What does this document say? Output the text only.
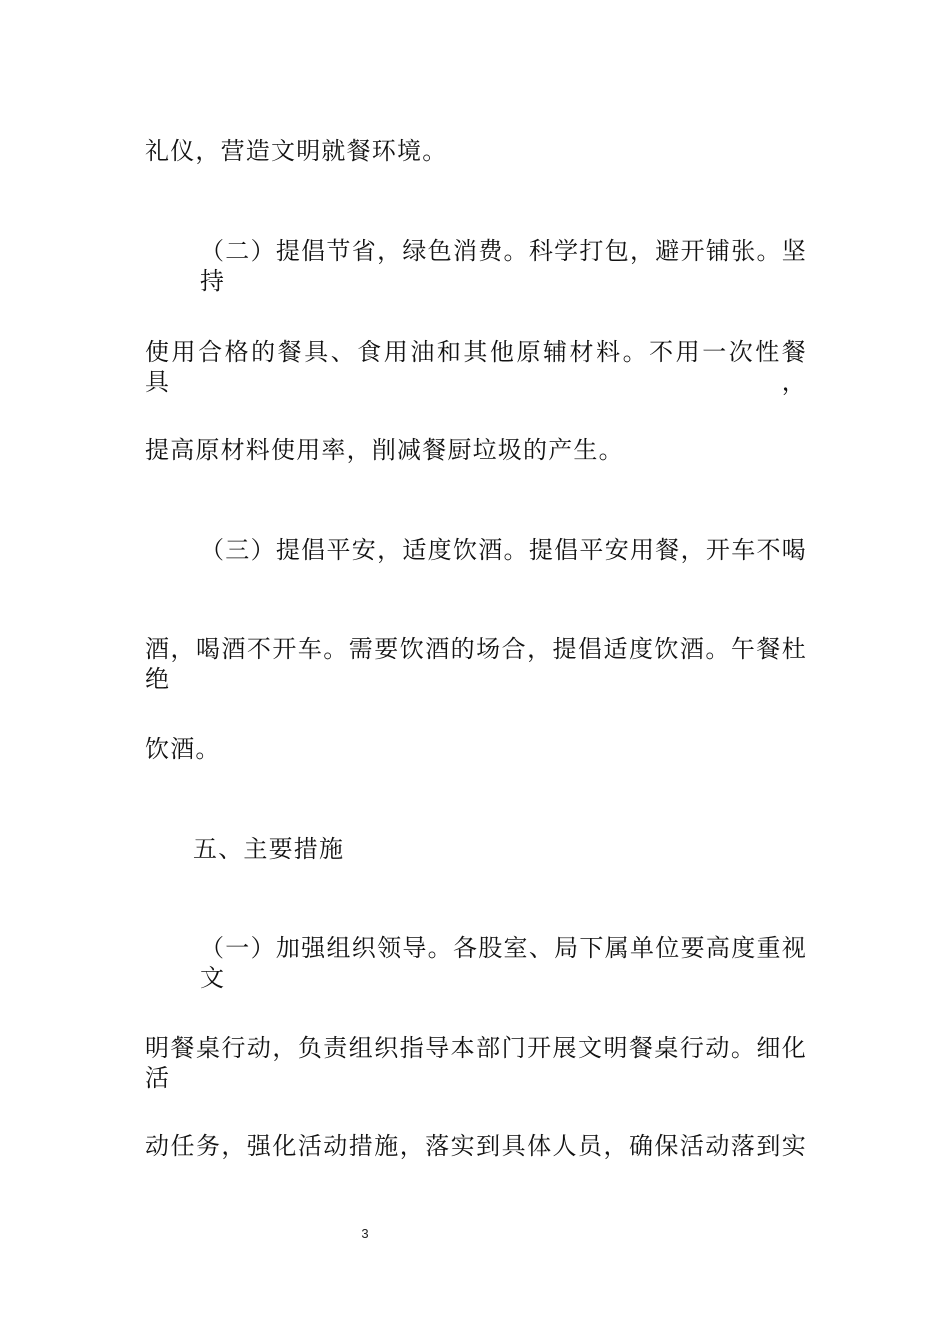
礼仪，营造文明就餐环境。
（二）提倡节省，绿色消费。科学打包，避开铺张。坚持
使用合格的餐具、食用油和其他原辅材料。不用一次性餐具，
提高原材料使用率，削减餐厨垃圾的产生。
（三）提倡平安，适度饮酒。提倡平安用餐，开车不喝
酒，喝酒不开车。需要饮酒的场合，提倡适度饮酒。午餐杜绝
饮酒。
五、主要措施
（一）加强组织领导。各股室、局下属单位要高度重视文
明餐桌行动，负责组织指导本部门开展文明餐桌行动。细化活
动任务，强化活动措施，落实到具体人员，确保活动落到实
3
